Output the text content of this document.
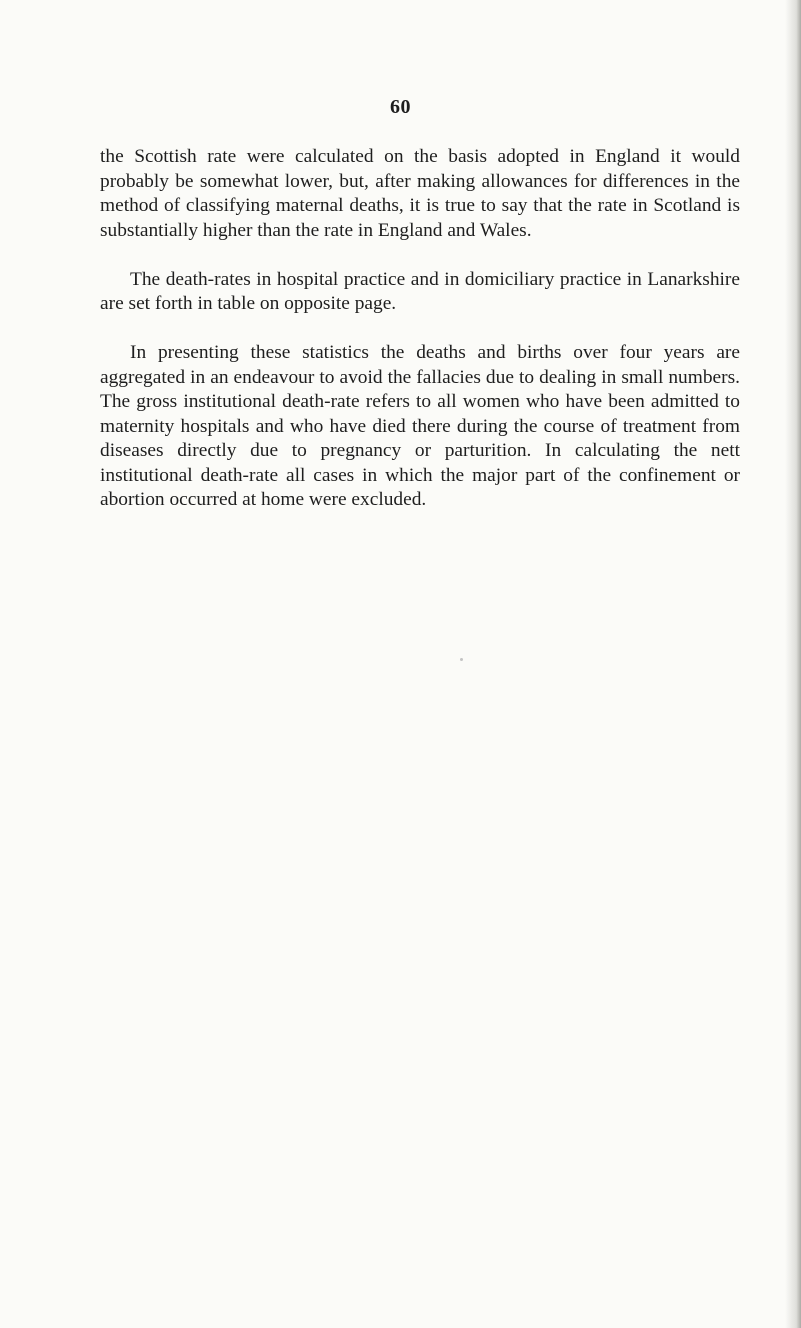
60

the Scottish rate were calculated on the basis adopted in England it would probably be somewhat lower, but, after making allowances for differences in the method of classifying maternal deaths, it is true to say that the rate in Scotland is substantially higher than the rate in England and Wales.

The death-rates in hospital practice and in domiciliary practice in Lanarkshire are set forth in table on opposite page.

In presenting these statistics the deaths and births over four years are aggregated in an endeavour to avoid the fallacies due to dealing in small numbers. The gross institutional death-rate refers to all women who have been admitted to maternity hospitals and who have died there during the course of treatment from diseases directly due to pregnancy or parturition. In calculating the nett institutional death-rate all cases in which the major part of the confinement or abortion occurred at home were excluded.
